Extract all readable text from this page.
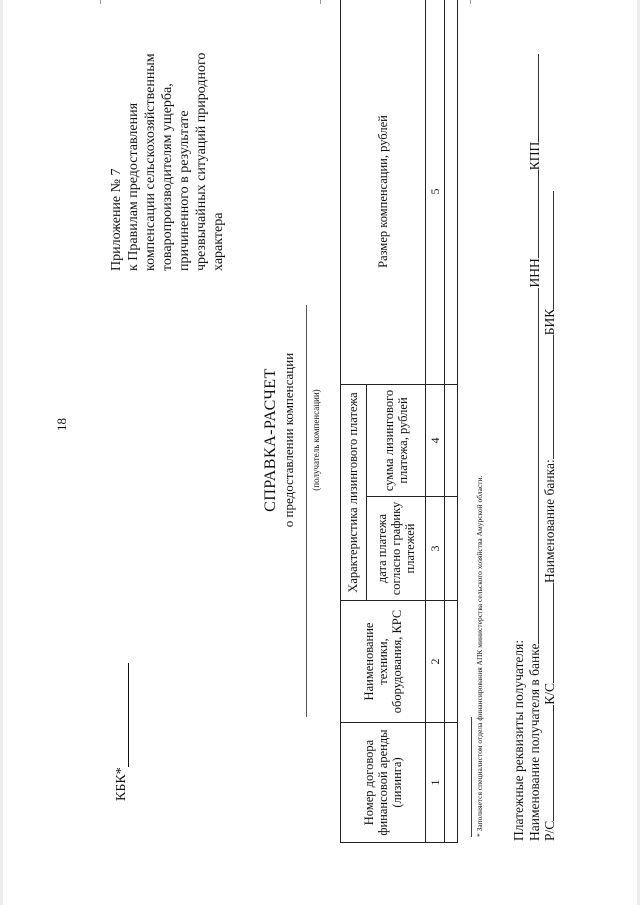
18
Приложение № 7 к Правилам предоставления компенсации сельскохозяйственным товаропроизводителям ущерба, причиненного в результате чрезвычайных ситуаций природного характера
КБК*
СПРАВКА-РАСЧЕТ о предоставлении компенсации (получатель компенсации)
Номер договора финансовой аренды (лизинга)	Наименование техники, оборудования, КРС	Характеристика лизингового платежа		Размер компенсации, рублей
		дата платежа согласно графику платежей	сумма лизингового платежа, рублей	
1	2	3	4	5

* Заполняется специалистом отдела финансирования АПК министерства сельского хозяйства Амурской области. Платежные реквизиты получателя: Наименование получателя в банкеИННКПП
Р/СК/СНаименование банка:БИК
